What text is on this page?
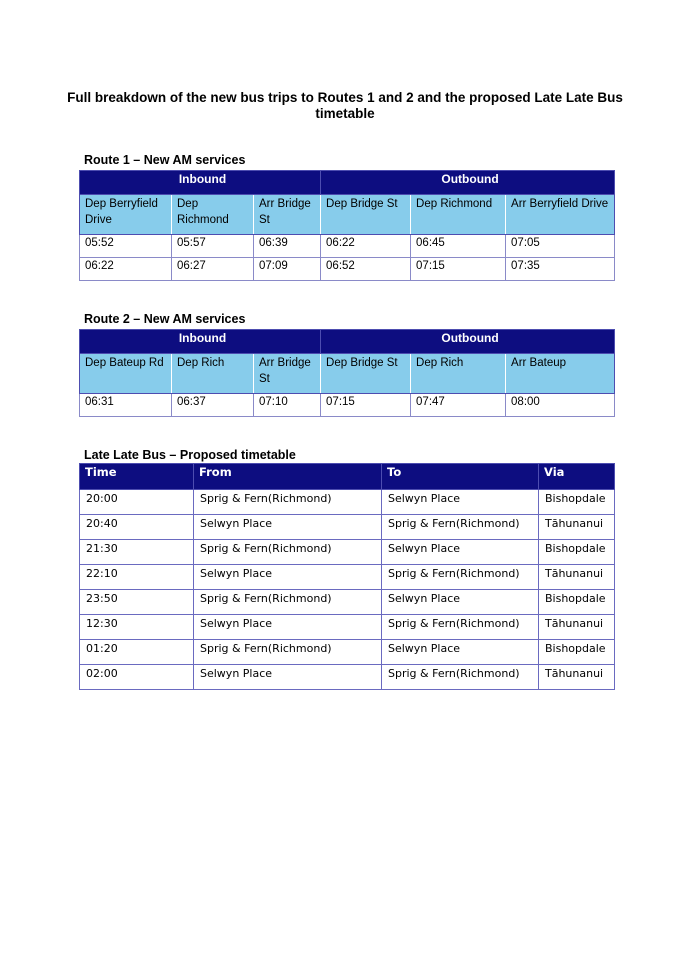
Full breakdown of the new bus trips to Routes 1 and 2 and the proposed Late Late Bus timetable
Route 1 – New AM services
Inbound			Outbound		
Dep Berryfield Drive	Dep Richmond	Arr Bridge St	Dep Bridge St	Dep Richmond	Arr Berryfield Drive
05:52	05:57	06:39	06:22	06:45	07:05
06:22	06:27	07:09	06:52	07:15	07:35
Route 2 – New AM services
Inbound			Outbound		
Dep Bateup Rd	Dep Rich	Arr Bridge St	Dep Bridge St	Dep Rich	Arr Bateup
06:31	06:37	07:10	07:15	07:47	08:00
Late Late Bus – Proposed timetable
Time	From	To	Via
20:00	Sprig & Fern(Richmond)	Selwyn Place	Bishopdale
20:40	Selwyn Place	Sprig & Fern(Richmond)	Tāhunanui
21:30	Sprig & Fern(Richmond)	Selwyn Place	Bishopdale
22:10	Selwyn Place	Sprig & Fern(Richmond)	Tāhunanui
23:50	Sprig & Fern(Richmond)	Selwyn Place	Bishopdale
12:30	Selwyn Place	Sprig & Fern(Richmond)	Tāhunanui
01:20	Sprig & Fern(Richmond)	Selwyn Place	Bishopdale
02:00	Selwyn Place	Sprig & Fern(Richmond)	Tāhunanui
